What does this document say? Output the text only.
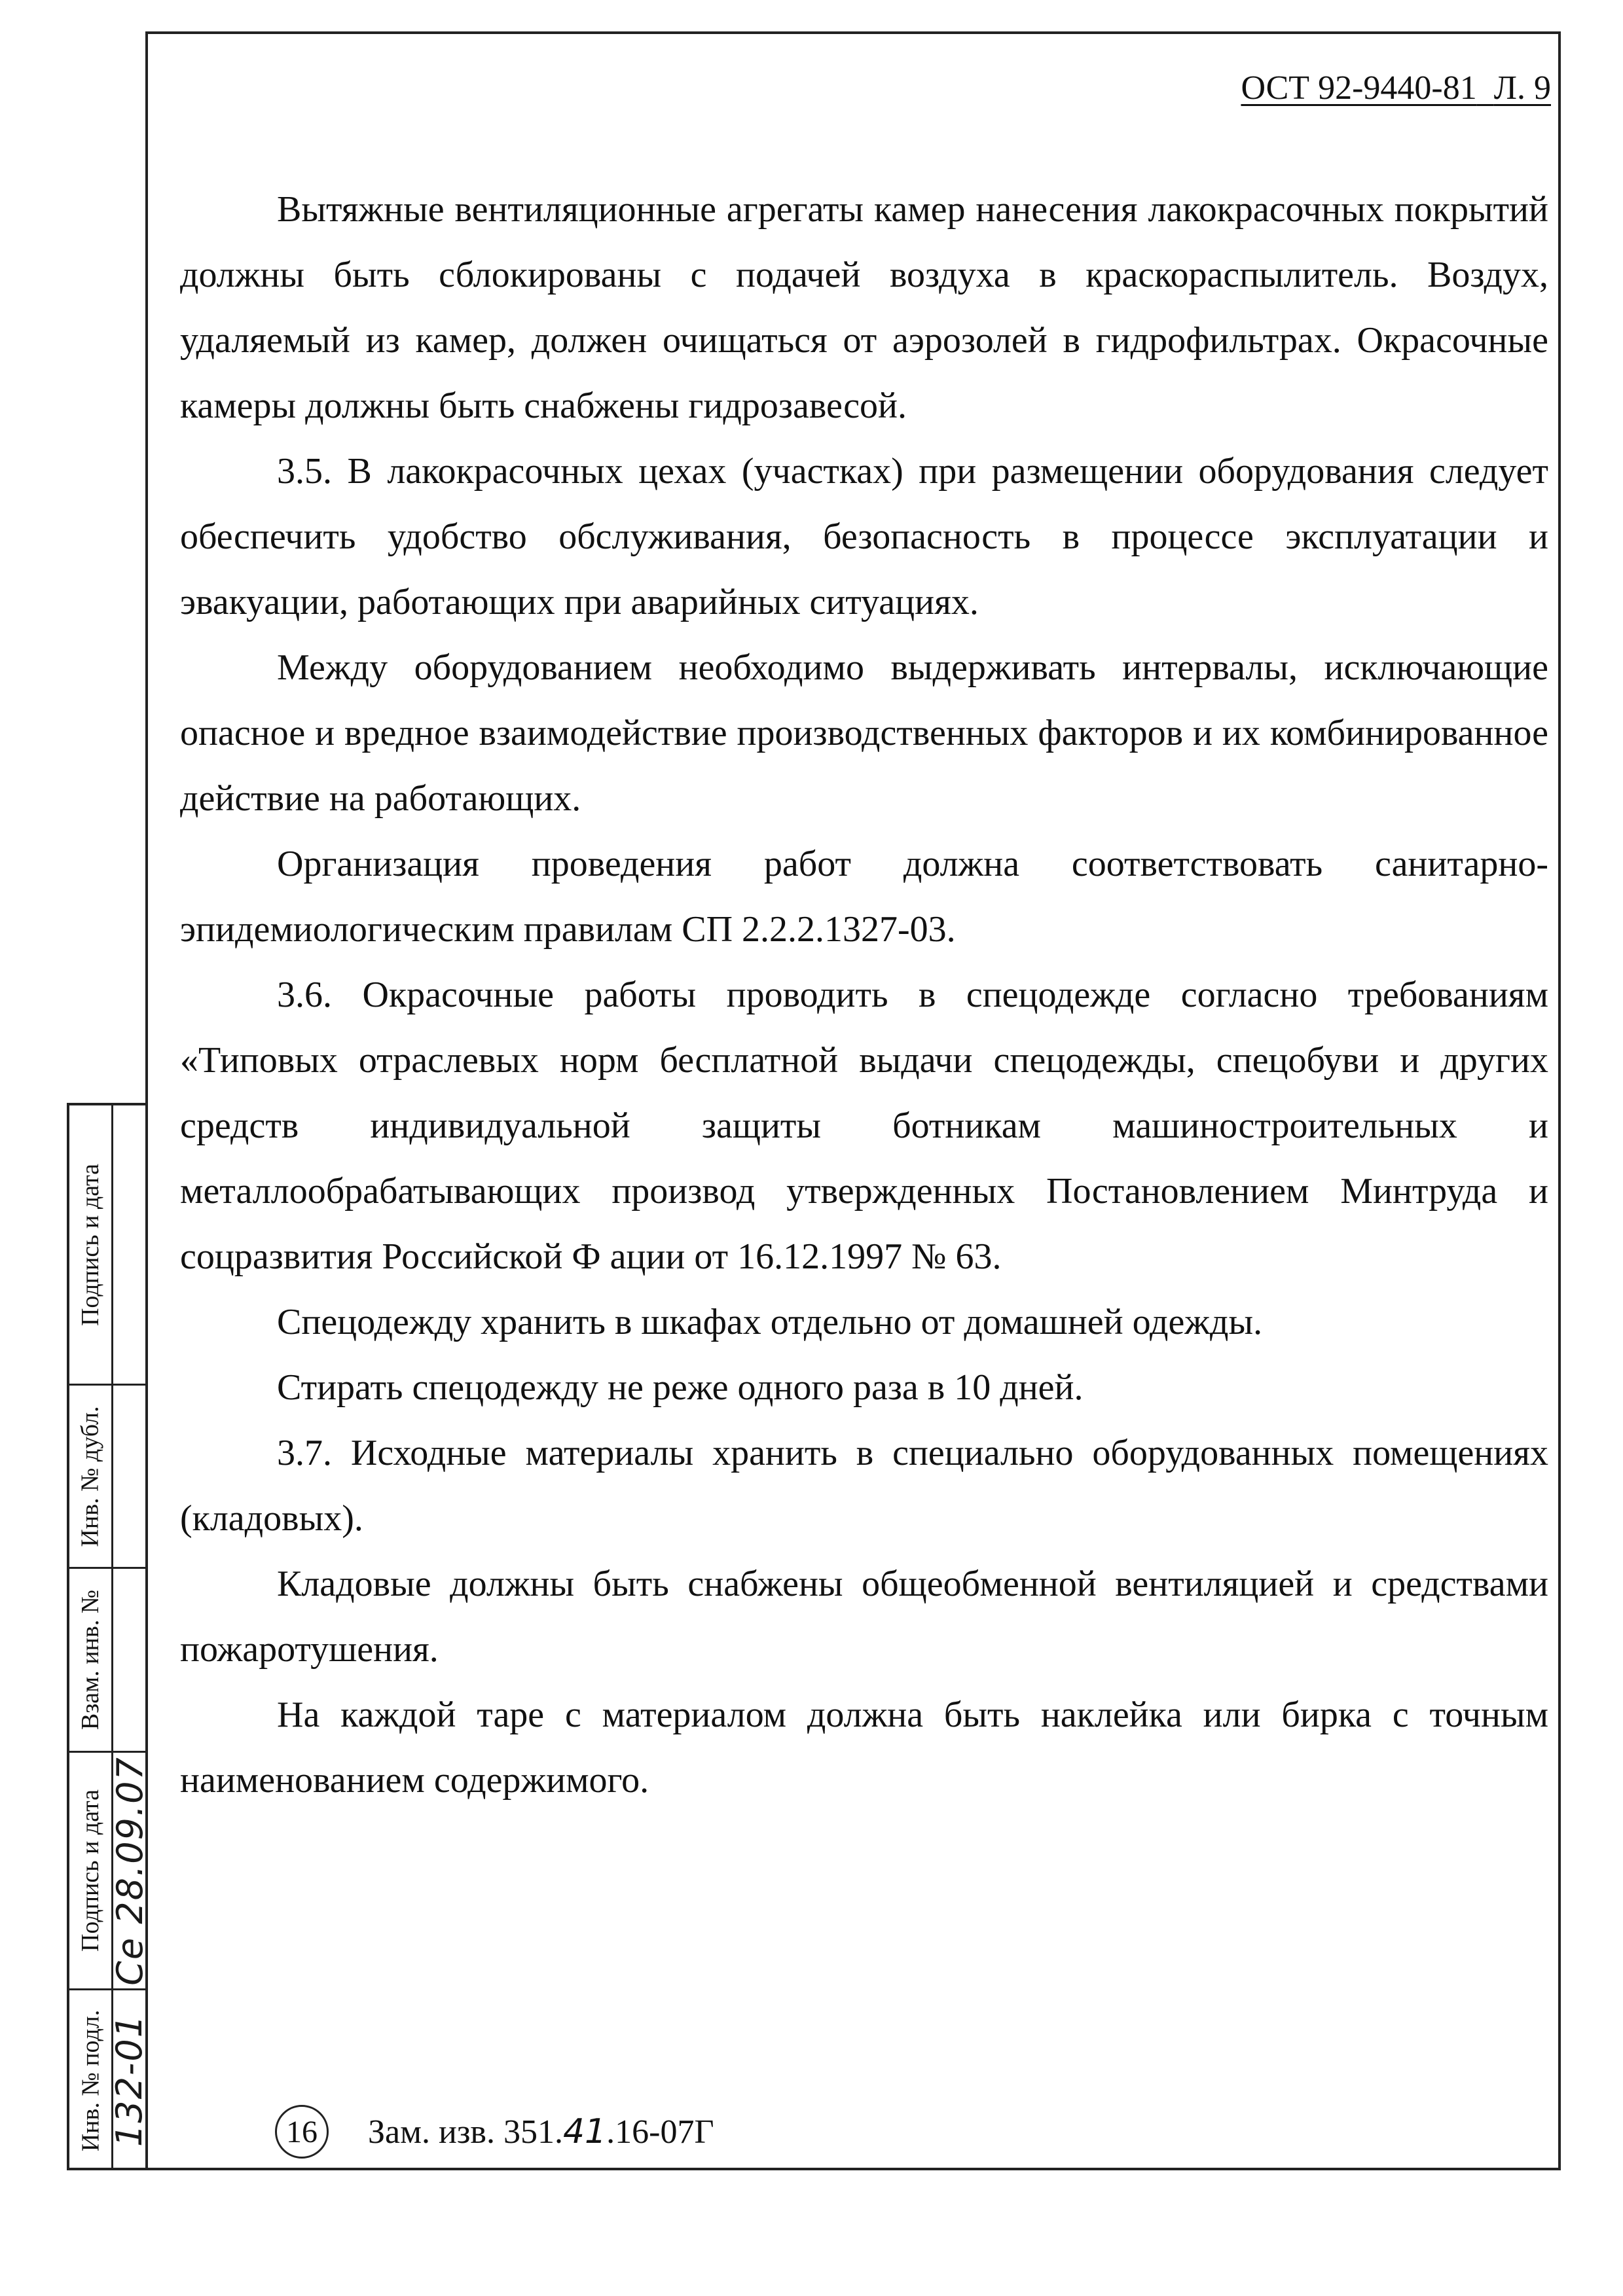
ОСТ 92-9440-81 Л. 9

Вытяжные вентиляционные агрегаты камер нанесения лакокрасочных покрытий должны быть сблокированы с подачей воздуха в краскораспылитель. Воздух, удаляемый из камер, должен очищаться от аэрозолей в гидрофильтрах. Окрасочные камеры должны быть снабжены гидрозавесой.

3.5. В лакокрасочных цехах (участках) при размещении оборудования следует обеспечить удобство обслуживания, безопасность в процессе эксплуатации и эвакуации, работающих при аварийных ситуациях.

Между оборудованием необходимо выдерживать интервалы, исключающие опасное и вредное взаимодействие производственных факторов и их комбинированное действие на работающих.

Организация проведения работ должна соответствовать санитарно-эпидемиологическим правилам СП 2.2.2.1327-03.

3.6. Окрасочные работы проводить в спецодежде согласно требованиям «Типовых отраслевых норм бесплатной выдачи спецодежды, спецобуви и других средств индивидуальной защиты ботникам машиностроительных и металлообрабатывающих производ утвержденных Постановлением Минтруда и соцразвития Российской Ф ации от 16.12.1997 № 63.

Спецодежду хранить в шкафах отдельно от домашней одежды.

Стирать спецодежду не реже одного раза в 10 дней.

3.7. Исходные материалы хранить в специально оборудованных помещениях (кладовых).

Кладовые должны быть снабжены общеобменной вентиляцией и средствами пожаротушения.

На каждой таре с материалом должна быть наклейка или бирка с точным наименованием содержимого.

Подпись и дата
Инв. № дубл.
Взам. инв. №
Подпись и дата Се 28.09.07
Инв. № подл. 132-01	16	Зам. изв. 351. 41 .16-07Г
